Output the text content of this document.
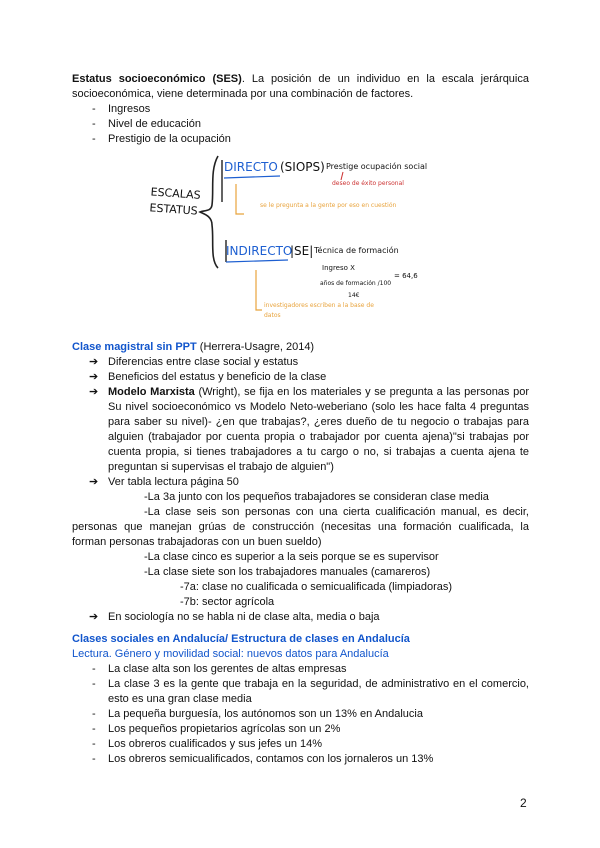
Estatus socioeconómico (SES). La posición de un individuo en la escala jerárquica
socioeconómica, viene determinada por una combinación de factores.
- Ingresos
- Nivel de educación
- Prestigio de la ocupación
ESCALAS ESTATUS
DIRECTO (SIOPS) Prestige ocupación social
deseo de éxito personal
se le pregunta a la gente por eso en cuestión
INDIRECTO
|SE| Técnica de formación
Ingreso X
años de formación /100
= 64,6
14€
investigadores escriben a la base de
datos
Clase magistral sin PPT (Herrera-Usagre, 2014)
➔ Diferencias entre clase social y estatus
➔ Beneficios del estatus y beneficio de la clase
➔ Modelo Marxista (Wright), se fija en los materiales y se pregunta a las personas por
Su nivel socioeconómico vs Modelo Neto-weberiano (solo les hace falta 4 preguntas
para saber su nivel)- ¿en que trabajas?, ¿eres dueño de tu negocio o trabajas para
alguien (trabajador por cuenta propia o trabajador por cuenta ajena)"si trabajas por
cuenta propia, si tienes trabajadores a tu cargo o no, si trabajas a cuenta ajena te
preguntan si supervisas el trabajo de alguien")
➔ Ver tabla lectura página 50
-La 3a junto con los pequeños trabajadores se consideran clase media
-La clase seis son personas con una cierta cualificación manual, es decir,
personas que manejan grúas de construcción (necesitas una formación cualificada, la
forman personas trabajadoras con un buen sueldo)
-La clase cinco es superior a la seis porque se es supervisor
-La clase siete son los trabajadores manuales (camareros)
-7a: clase no cualificada o semicualificada (limpiadoras)
-7b: sector agrícola
➔ En sociología no se habla ni de clase alta, media o baja
Clases sociales en Andalucía/ Estructura de clases en Andalucía
Lectura. Género y movilidad social: nuevos datos para Andalucía
- La clase alta son los gerentes de altas empresas
- La clase 3 es la gente que trabaja en la seguridad, de administrativo en el comercio,
esto es una gran clase media
- La pequeña burguesía, los autónomos son un 13% en Andalucia
- Los pequeños propietarios agrícolas son un 2%
- Los obreros cualificados y sus jefes un 14%
- Los obreros semicualificados, contamos con los jornaleros un 13%
2
